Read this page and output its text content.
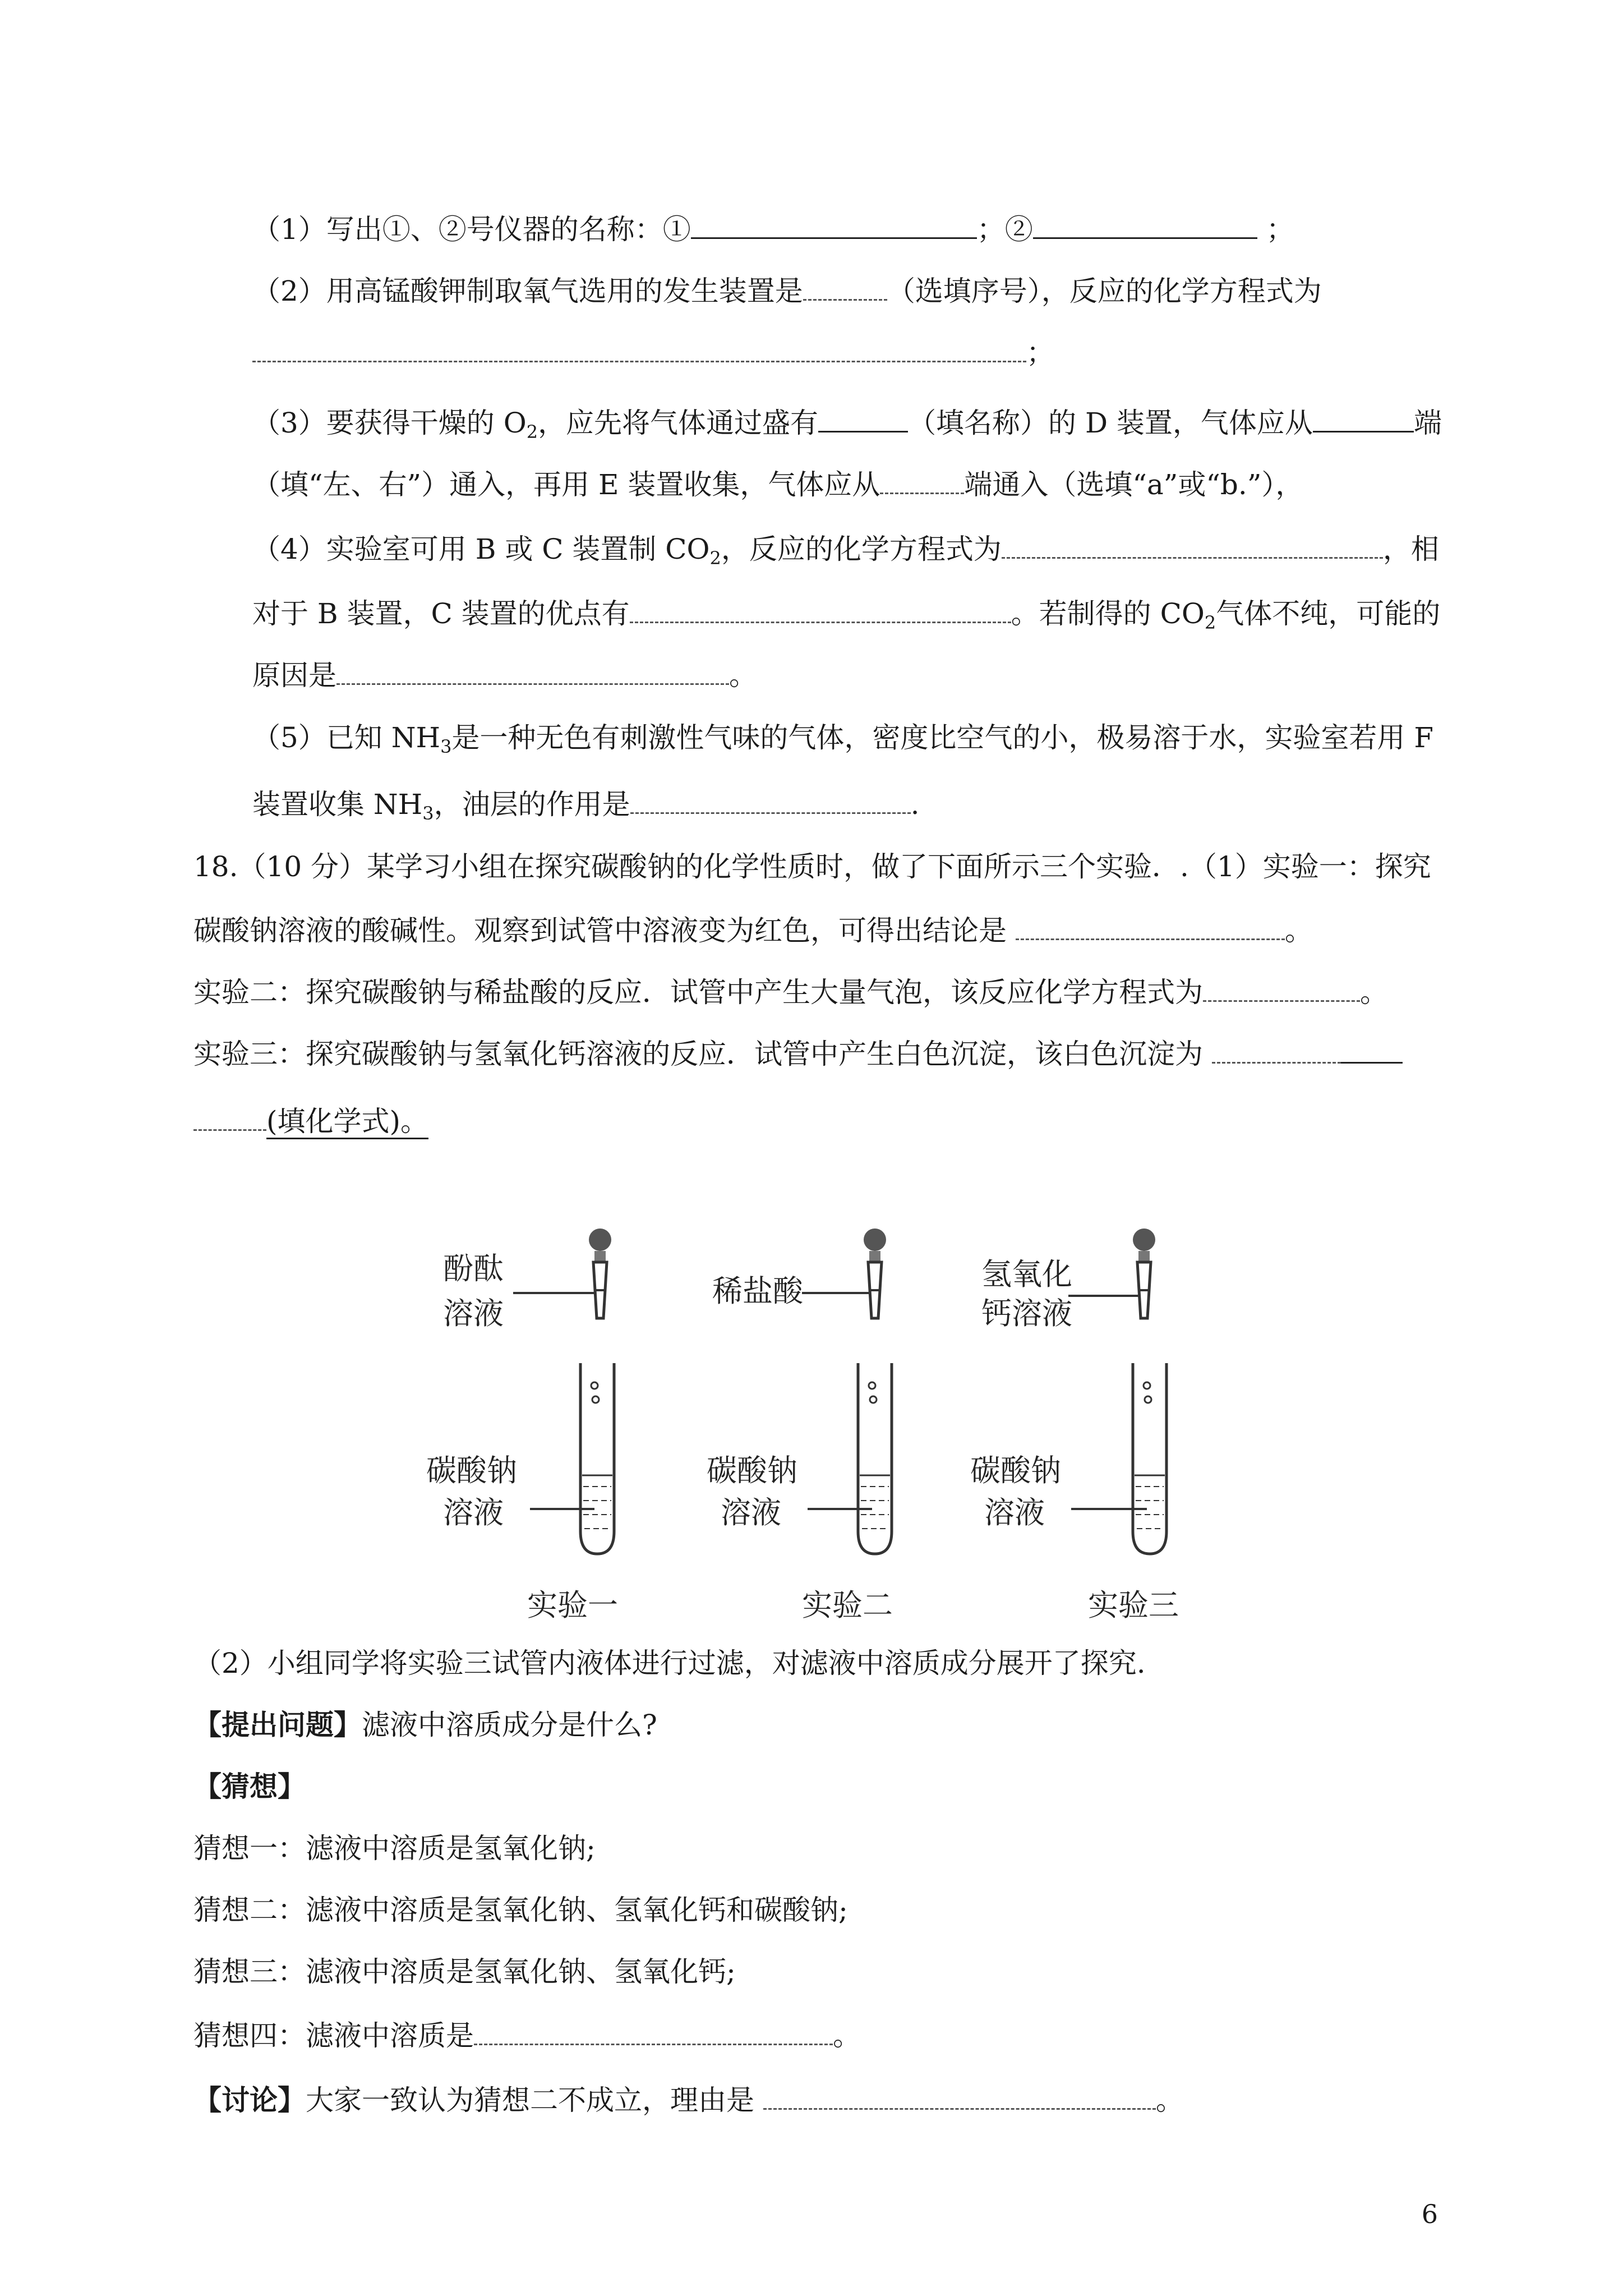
（1）写出①、②号仪器的名称：①	；②	；
（2）用高锰酸钾制取氧气选用的发生装置是	（选填序号），反应的化学方程式为
；
（3）要获得干燥的 $O_2$，应先将气体通过盛有	（填名称）的 D 装置，气体应从	端
（填“左、右”）通入，再用 E 装置收集，气体应从	端通入（选填“a”或“b.”），
（4）实验室可用 B 或 C 装置制 $CO_2$，反应的化学方程式为	，相
对于 B 装置，C 装置的优点有	。若制得的 $CO_2$气体不纯，可能的
原因是	。
（5）已知 $NH_3$是一种无色有刺激性气味的气体，密度比空气的小，极易溶于水，实验室若用 F
装置收集 $NH_3$，油层的作用是	.
18.（10 分）某学习小组在探究碳酸钠的化学性质时，做了下面所示三个实验．.（1）实验一：探究
碳酸钠溶液的酸碱性。观察到试管中溶液变为红色，可得出结论是	。
实验二：探究碳酸钠与稀盐酸的反应．试管中产生大量气泡，该反应化学方程式为	。
实验三：探究碳酸钠与氢氧化钙溶液的反应．试管中产生白色沉淀，该白色沉淀为
(填化学式)。
酚酞
溶液
碳酸钠
溶液
实验一
稀盐酸
碳酸钠
溶液
实验二
氢氧化
钙溶液
碳酸钠
溶液
实验三
（2）小组同学将实验三试管内液体进行过滤，对滤液中溶质成分展开了探究.
【提出问题】滤液中溶质成分是什么?
【猜想】
猜想一：滤液中溶质是氢氧化钠;
猜想二：滤液中溶质是氢氧化钠、氢氧化钙和碳酸钠;
猜想三：滤液中溶质是氢氧化钠、氢氧化钙;
猜想四：滤液中溶质是	。
【讨论】大家一致认为猜想二不成立，理由是	。
6
